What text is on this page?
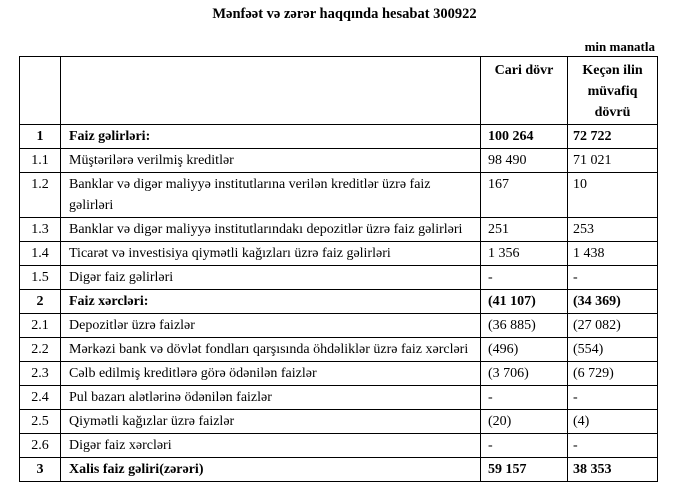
Mənfəət və zərər haqqında hesabat 300922
min manatla
		Cari dövr	Keçən ilin
müvafiq
dövrü

1	Faiz gəlirləri:	100 264	72 722
1.1	Müştərilərə verilmiş kreditlər	98 490	71 021
1.2	Banklar və digər maliyyə institutlarına verilən kreditlər üzrə faiz gəlirləri	167	10
1.3	Banklar və digər maliyyə institutlarındakı depozitlər üzrə faiz gəlirləri	251	253
1.4	Ticarət və investisiya qiymətli kağızları üzrə faiz gəlirləri	1 356	1 438
1.5	Digər faiz gəlirləri	-	-
2	Faiz xərcləri:	(41 107)	(34 369)
2.1	Depozitlər üzrə faizlər	(36 885)	(27 082)
2.2	Mərkəzi bank və dövlət fondları qarşısında öhdəliklər üzrə faiz xərcləri	(496)	(554)
2.3	Cəlb edilmiş kreditlərə görə ödənilən faizlər	(3 706)	(6 729)
2.4	Pul bazarı alətlərinə ödənilən faizlər	-	-
2.5	Qiymətli kağızlar üzrə faizlər	(20)	(4)
2.6	Digər faiz xərcləri	-	-
3	Xalis faiz gəliri(zərəri)	59 157	38 353
